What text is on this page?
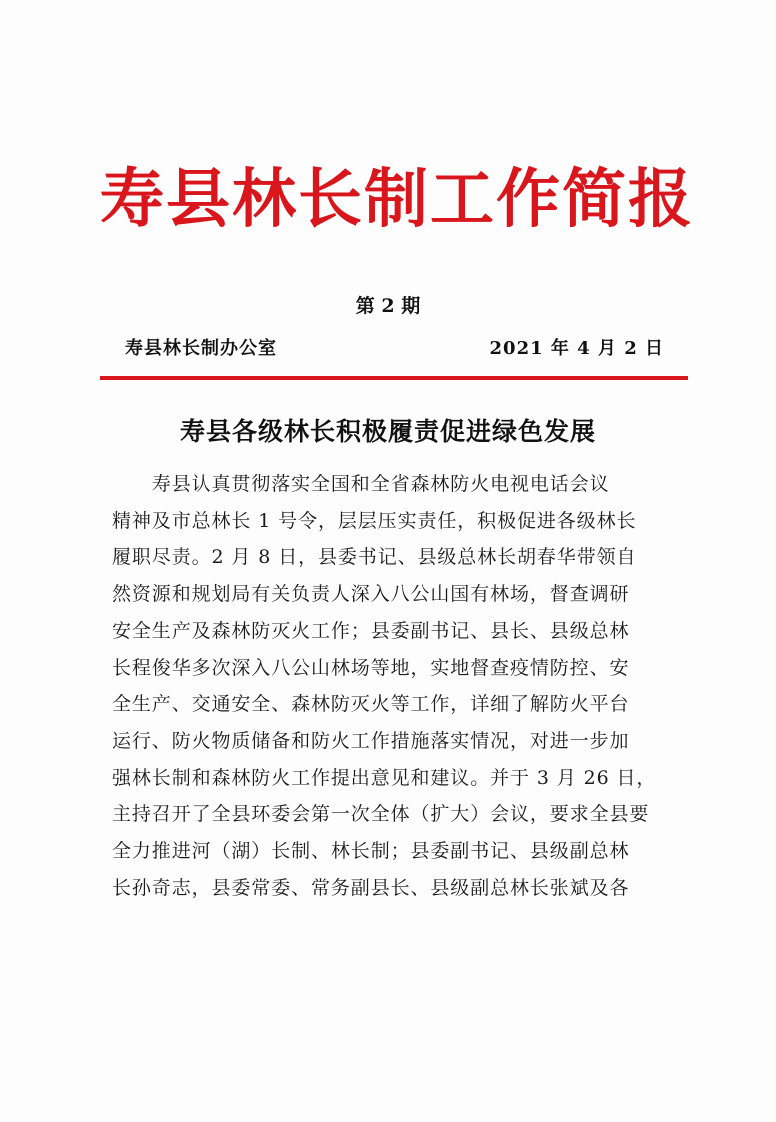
寿县林长制工作简报
第 2 期
寿县林长制办公室	2021 年 4 月 2 日
寿县各级林长积极履责促进绿色发展
　　寿县认真贯彻落实全国和全省森林防火电视电话会议
精神及市总林长 1 号令，层层压实责任，积极促进各级林长
履职尽责。2 月 8 日，县委书记、县级总林长胡春华带领自
然资源和规划局有关负责人深入八公山国有林场，督查调研
安全生产及森林防灭火工作；县委副书记、县长、县级总林
长程俊华多次深入八公山林场等地，实地督查疫情防控、安
全生产、交通安全、森林防灭火等工作，详细了解防火平台
运行、防火物质储备和防火工作措施落实情况，对进一步加
强林长制和森林防火工作提出意见和建议。并于 3 月 26 日，
主持召开了全县环委会第一次全体（扩大）会议，要求全县要
全力推进河（湖）长制、林长制；县委副书记、县级副总林
长孙奇志，县委常委、常务副县长、县级副总林长张斌及各
